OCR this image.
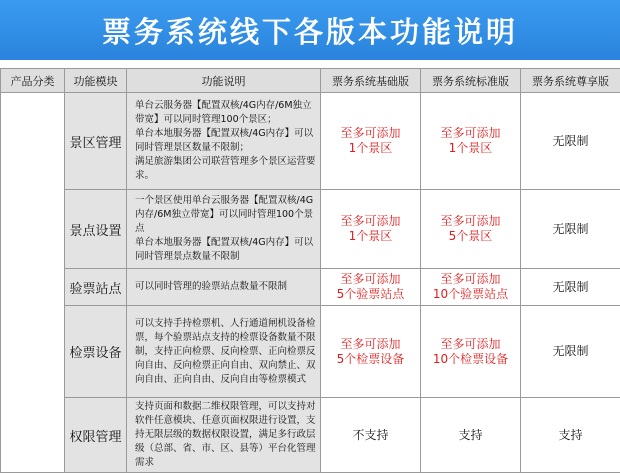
票务系统线下各版本功能说明
产品分类	功能模块	功能说明	票务系统基础版	票务系统标准版	票务系统尊享版
	景区管理	单台云服务器【配置双核/4G内存/6M独立带宽】可以同时管理100个景区；
单台本地服务器【配置双核/4G内存】可以同时管理景区数量不限制；
满足旅游集团公司联营管理多个景区运营要求。	至多可添加
1个景区	至多可添加
1个景区	无限制
	景点设置	一个景区使用单台云服务器【配置双核/4G内存/6M独立带宽】可以同时管理100个景点
单台本地服务器【配置双核/4G内存】可以同时管理景点数量不限制	至多可添加
1个景区	至多可添加
5个景区	无限制
	验票站点	可以同时管理的验票站点数量不限制	至多可添加
5个验票站点	至多可添加
10个验票站点	无限制
	检票设备	可以支持手持检票机、人行通道闸机设备检票，每个验票站点支持的检票设备数量不限制，支持正向检票、反向检票、正向检票反向自由、反向检票正向自由、双向禁止、双向自由、正向自由、反向自由等检票模式	至多可添加
5个检票设备	至多可添加
10个检票设备	无限制
	权限管理	支持页面和数据二维权限管理，可以支持对软件任意模块、任意页面权限进行设置，支持无限层级的数据权限设置，满足多行政层级（总部、省、市、区、县等）平台化管理需求	不支持	支持	支持
